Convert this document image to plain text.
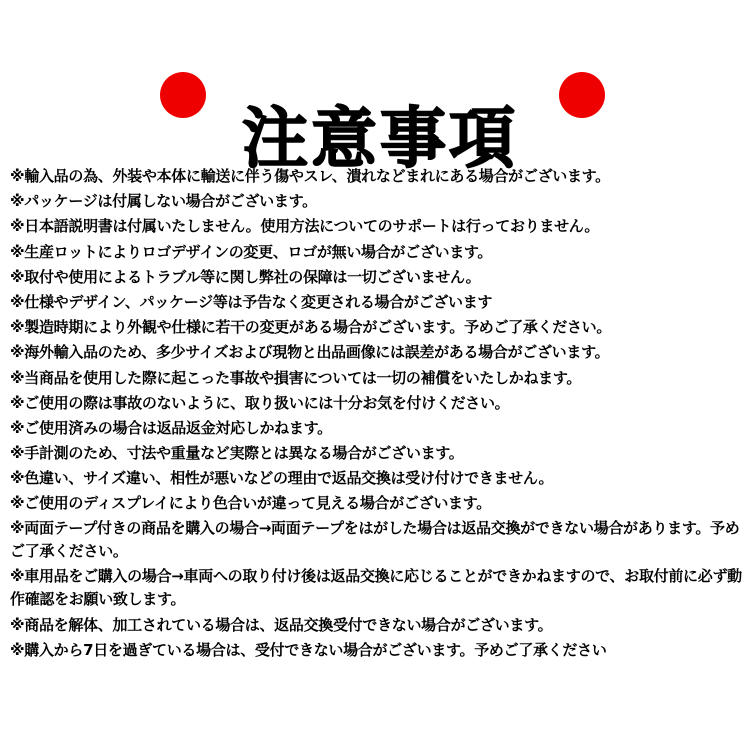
注意事項
※輸入品の為、外装や本体に輸送に伴う傷やスレ、潰れなどまれにある場合がございます。
※パッケージは付属しない場合がございます。
※日本語説明書は付属いたしません。使用方法についてのサポートは行っておりません。
※生産ロットによりロゴデザインの変更、ロゴが無い場合がございます。
※取付や使用によるトラブル等に関し弊社の保障は一切ございません。
※仕様やデザイン、パッケージ等は予告なく変更される場合がございます
※製造時期により外観や仕様に若干の変更がある場合がございます。予めご了承ください。
※海外輸入品のため、多少サイズおよび現物と出品画像には誤差がある場合がございます。
※当商品を使用した際に起こった事故や損害については一切の補償をいたしかねます。
※ご使用の際は事故のないように、取り扱いには十分お気を付けください。
※ご使用済みの場合は返品返金対応しかねます。
※手計測のため、寸法や重量など実際とは異なる場合がございます。
※色違い、サイズ違い、相性が悪いなどの理由で返品交換は受け付けできません。
※ご使用のディスプレイにより色合いが違って見える場合がございます。
※両面テープ付きの商品を購入の場合→両面テープをはがした場合は返品交換ができない場合があります。予めご了承ください。
※車用品をご購入の場合→車両への取り付け後は返品交換に応じることができかねますので、お取付前に必ず動作確認をお願い致します。
※商品を解体、加工されている場合は、返品交換受付できない場合がございます。
※購入から7日を過ぎている場合は、受付できない場合がございます。予めご了承ください
